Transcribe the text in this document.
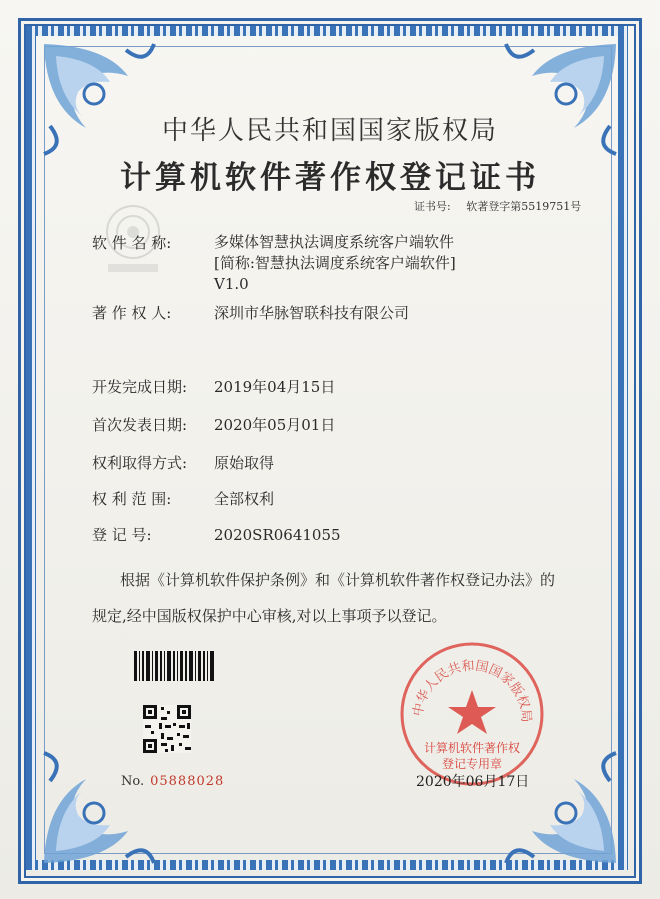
中华人民共和国国家版权局
计算机软件著作权登记证书
证书号: 软著登字第5519751号
软 件 名 称:	多媒体智慧执法调度系统客户端软件
[简称:智慧执法调度系统客户端软件]
V1.0
著 作 权 人:	深圳市华脉智联科技有限公司
开发完成日期: 2019年04月15日
首次发表日期: 2020年05月01日
权利取得方式: 原始取得
权 利 范 围:	全部权利
登 记 号:	2020SR0641055
根据《计算机软件保护条例》和《计算机软件著作权登记办法》的
规定,经中国版权保护中心审核,对以上事项予以登记。
No. 05888028
中华人民共和国国家版权局
计算机软件著作权
登记专用章
2020年06月17日
